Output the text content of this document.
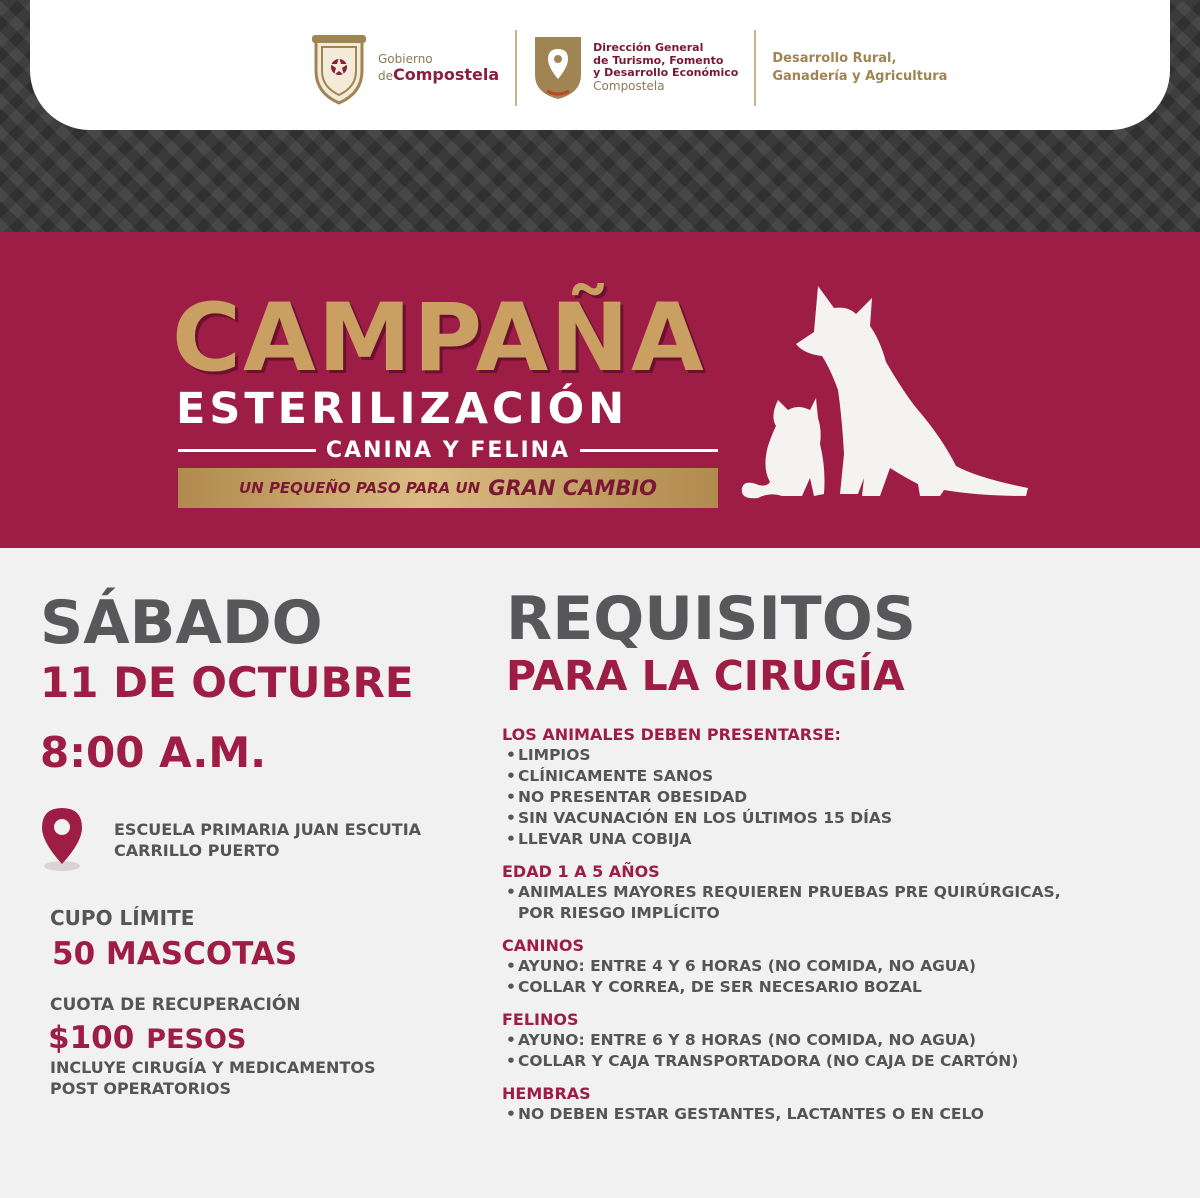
Gobierno
deCompostela
Dirección General
de Turismo, Fomento
y Desarrollo Económico
Compostela
Desarrollo Rural,
Ganadería y Agricultura
CAMPAÑA
ESTERILIZACIÓN
CANINA Y FELINA
UN PEQUEÑO PASO PARA UN GRAN CAMBIO
SÁBADO
11 DE OCTUBRE
8:00 A.M.
ESCUELA PRIMARIA JUAN ESCUTIA
CARRILLO PUERTO
CUPO LÍMITE
50 MASCOTAS
CUOTA DE RECUPERACIÓN
$100 PESOS
INCLUYE CIRUGÍA Y MEDICAMENTOS
POST OPERATORIOS
REQUISITOS
PARA LA CIRUGÍA
LOS ANIMALES DEBEN PRESENTARSE:
• LIMPIOS
• CLÍNICAMENTE SANOS
• NO PRESENTAR OBESIDAD
• SIN VACUNACIÓN EN LOS ÚLTIMOS 15 DÍAS
• LLEVAR UNA COBIJA
EDAD 1 A 5 AÑOS
• ANIMALES MAYORES REQUIEREN PRUEBAS PRE QUIRÚRGICAS,
POR RIESGO IMPLÍCITO
CANINOS
• AYUNO: ENTRE 4 Y 6 HORAS (NO COMIDA, NO AGUA)
• COLLAR Y CORREA, DE SER NECESARIO BOZAL
FELINOS
• AYUNO: ENTRE 6 Y 8 HORAS (NO COMIDA, NO AGUA)
• COLLAR Y CAJA TRANSPORTADORA (NO CAJA DE CARTÓN)
HEMBRAS
• NO DEBEN ESTAR GESTANTES, LACTANTES O EN CELO
